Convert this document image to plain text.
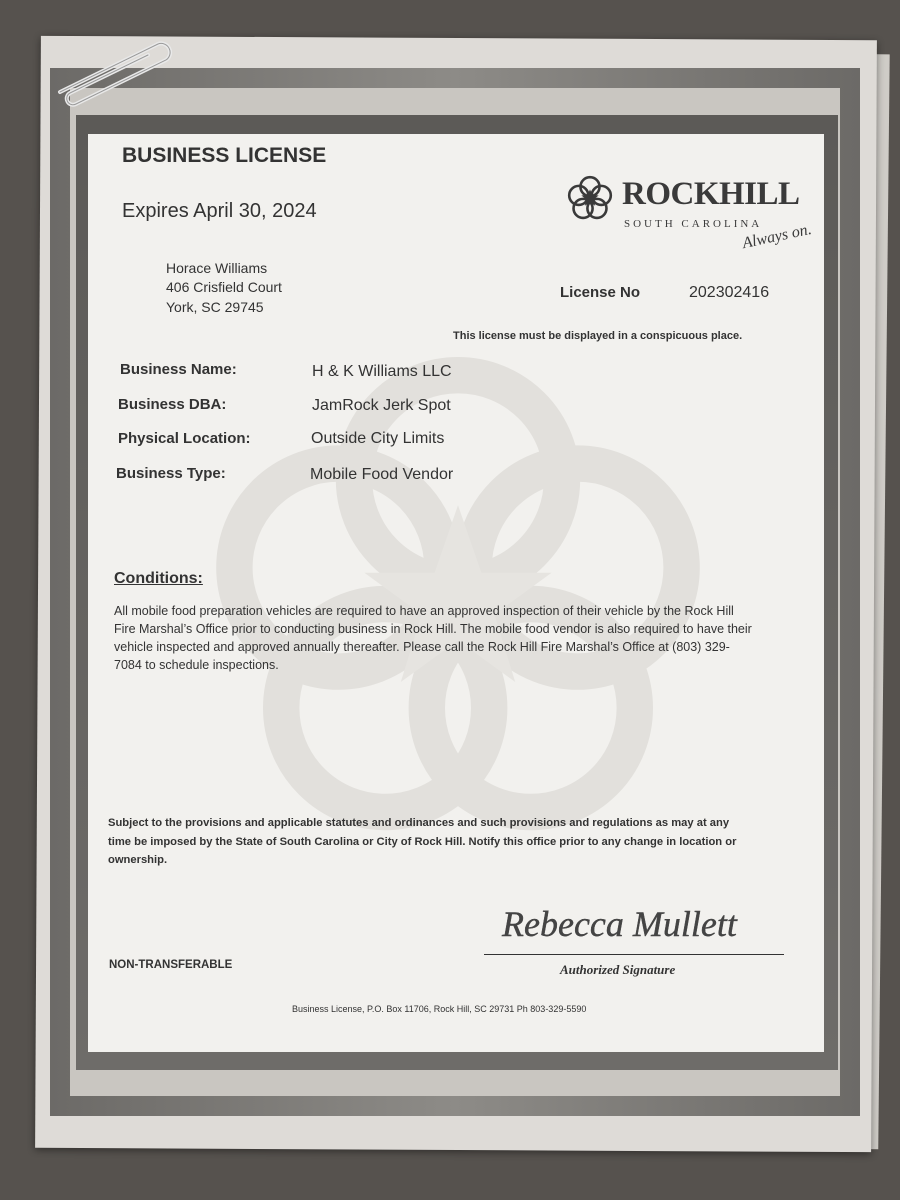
BUSINESS LICENSE
Expires April 30, 2024
Horace Williams
406 Crisfield Court
York, SC 29745
ROCKHILL
SOUTH CAROLINA
Always on.
License No	202302416
This license must be displayed in a conspicuous place.
Business Name:	H & K Williams LLC
Business DBA:	JamRock Jerk Spot
Physical Location:	Outside City Limits
Business Type:	Mobile Food Vendor
Conditions:
All mobile food preparation vehicles are required to have an approved inspection of their vehicle by the Rock Hill Fire Marshal’s Office prior to conducting business in Rock Hill. The mobile food vendor is also required to have their vehicle inspected and approved annually thereafter. Please call the Rock Hill Fire Marshal’s Office at (803) 329-7084 to schedule inspections.
Subject to the provisions and applicable statutes and ordinances and such provisions and regulations as may at any time be imposed by the State of South Carolina or City of Rock Hill. Notify this office prior to any change in location or ownership.
NON-TRANSFERABLE
Rebecca Mullett
Authorized Signature
Business License, P.O. Box 11706, Rock Hill, SC 29731 Ph 803-329-5590
